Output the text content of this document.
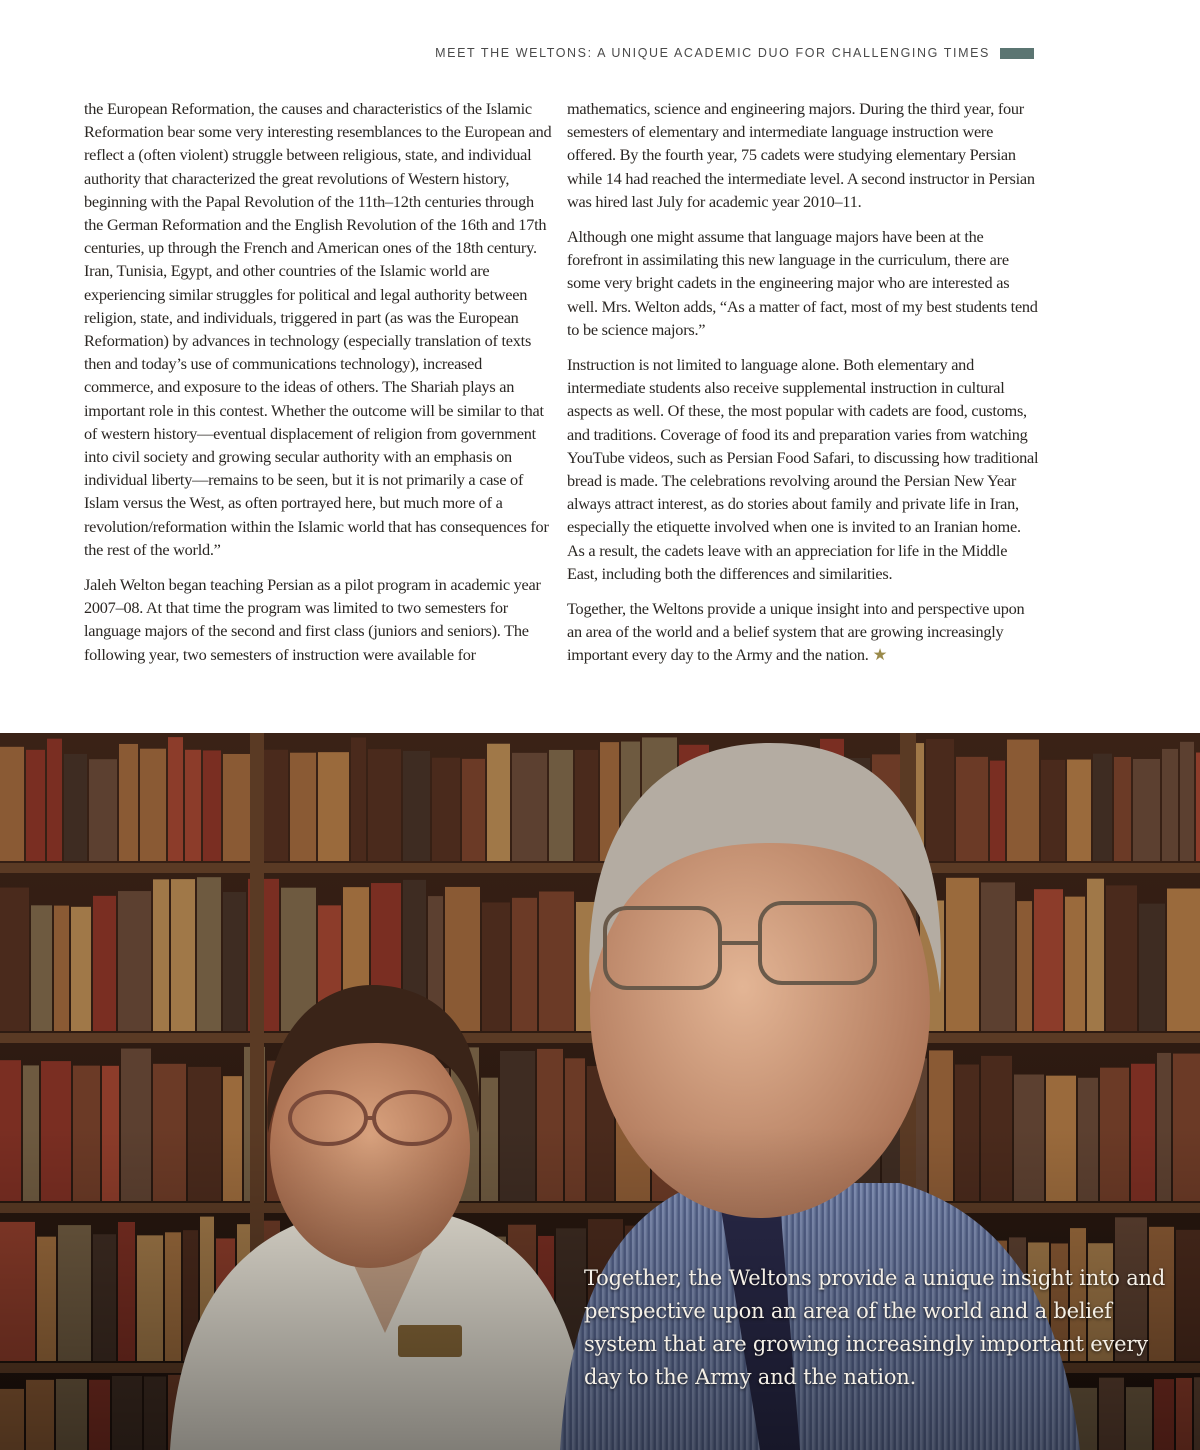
MEET THE WELTONS: A UNIQUE ACADEMIC DUO FOR CHALLENGING TIMES

the European Reformation, the causes and characteristics of the Islamic Reformation bear some very interesting resemblances to the European and reflect a (often violent) struggle between religious, state, and individual authority that characterized the great revolutions of Western history, beginning with the Papal Revolution of the 11th–12th centuries through the German Reformation and the English Revolution of the 16th and 17th centuries, up through the French and American ones of the 18th century. Iran, Tunisia, Egypt, and other countries of the Islamic world are experiencing similar struggles for political and legal authority between religion, state, and individuals, triggered in part (as was the European Reformation) by advances in technology (especially translation of texts then and today’s use of communications technology), increased commerce, and exposure to the ideas of others. The Shariah plays an important role in this contest. Whether the outcome will be similar to that of western history—eventual displacement of religion from government into civil society and growing secular authority with an emphasis on individual liberty—remains to be seen, but it is not primarily a case of Islam versus the West, as often portrayed here, but much more of a revolution/reformation within the Islamic world that has consequences for the rest of the world.”

Jaleh Welton began teaching Persian as a pilot program in academic year 2007–08. At that time the program was limited to two semesters for language majors of the second and first class (juniors and seniors). The following year, two semesters of instruction were available for

mathematics, science and engineering majors. During the third year, four semesters of elementary and intermediate language instruction were offered. By the fourth year, 75 cadets were studying elementary Persian while 14 had reached the intermediate level. A second instructor in Persian was hired last July for academic year 2010–11.

Although one might assume that language majors have been at the forefront in assimilating this new language in the curriculum, there are some very bright cadets in the engineering major who are interested as well. Mrs. Welton adds, “As a matter of fact, most of my best students tend to be science majors.”

Instruction is not limited to language alone. Both elementary and intermediate students also receive supplemental instruction in cultural aspects as well. Of these, the most popular with cadets are food, customs, and traditions. Coverage of food its and preparation varies from watching YouTube videos, such as Persian Food Safari, to discussing how traditional bread is made. The celebrations revolving around the Persian New Year always attract interest, as do stories about family and private life in Iran, especially the etiquette involved when one is invited to an Iranian home. As a result, the cadets leave with an appreciation for life in the Middle East, including both the differences and similarities.

Together, the Weltons provide a unique insight into and perspective upon an area of the world and a belief system that are growing increasingly important every day to the Army and the nation. ★

Together, the Weltons provide a unique insight into and perspective upon an area of the world and a belief system that are growing increasingly important every day to the Army and the nation.
